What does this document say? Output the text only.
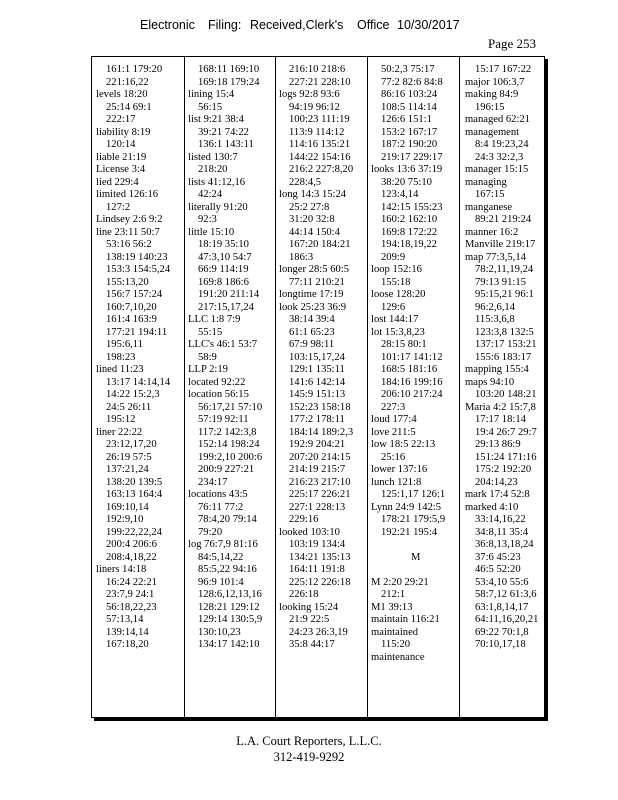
Electronic Filing: Received,Clerk's Office 10/30/2017
Page 253
161:1 179:20
221:16,22
levels 18:20
25:14 69:1
222:17
liability 8:19
120:14
liable 21:19
License 3:4
lied 229:4
limited 126:16
127:2
Lindsey 2:6 9:2
line 23:11 50:7
53:16 56:2
138:19 140:23
153:3 154:5,24
155:13,20
156:7 157:24
160:7,10,20
161:4 163:9
177:21 194:11
195:6,11
198:23
lined 11:23
13:17 14:14,14
14:22 15:2,3
24:5 26:11
195:12
liner 22:22
23:12,17,20
26:19 57:5
137:21,24
138:20 139:5
163:13 164:4
169:10,14
192:9,10
199:22,22,24
200:4 206:6
208:4,18,22
liners 14:18
16:24 22:21
23:7,9 24:1
56:18,22,23
57:13,14
139:14,14
167:18,20
168:11 169:10
169:18 179:24
lining 15:4
56:15
list 9:21 38:4
39:21 74:22
136:1 143:11
listed 130:7
218:20
lists 41:12,16
42:24
literally 91:20
92:3
little 15:10
18:19 35:10
47:3,10 54:7
66:9 114:19
169:8 186:6
191:20 211:14
217:15,17,24
LLC 1:8 7:9
55:15
LLC's 46:1 53:7
58:9
LLP 2:19
located 92:22
location 56:15
56:17,21 57:10
57:19 92:11
117:2 142:3,8
152:14 198:24
199:2,10 200:6
200:9 227:21
234:17
locations 43:5
76:11 77:2
78:4,20 79:14
79:20
log 76:7,9 81:16
84:5,14,22
85:5,22 94:16
96:9 101:4
128:6,12,13,16
128:21 129:12
129:14 130:5,9
130:10,23
134:17 142:10
216:10 218:6
227:21 228:10
logs 92:8 93:6
94:19 96:12
100:23 111:19
113:9 114:12
114:16 135:21
144:22 154:16
216:2 227:8,20
228:4,5
long 14:3 15:24
25:2 27:8
31:20 32:8
44:14 150:4
167:20 184:21
186:3
longer 28:5 60:5
77:11 210:21
longtime 17:19
look 25:23 36:9
38:14 39:4
61:1 65:23
67:9 98:11
103:15,17,24
129:1 135:11
141:6 142:14
145:9 151:13
152:23 158:18
177:2 178:11
184:14 189:2,3
192:9 204:21
207:20 214:15
214:19 215:7
216:23 217:10
225:17 226:21
227:1 228:13
229:16
looked 103:10
103:19 134:4
134:21 135:13
164:11 191:8
225:12 226:18
226:18
looking 15:24
21:9 22:5
24:23 26:3,19
35:8 44:17
50:2,3 75:17
77:2 82:6 84:8
86:16 103:24
108:5 114:14
126:6 151:1
153:2 167:17
187:2 190:20
219:17 229:17
looks 13:6 37:19
38:20 75:10
123:4,14
142:15 155:23
160:2 162:10
169:8 172:22
194:18,19,22
209:9
loop 152:16
155:18
loose 128:20
129:6
lost 144:17
lot 15:3,8,23
28:15 80:1
101:17 141:12
168:5 181:16
184:16 199:16
206:10 217:24
227:3
loud 177:4
love 211:5
low 18:5 22:13
25:16
lower 137:16
lunch 121:8
125:1,17 126:1
Lynn 24:9 142:5
178:21 179:5,9
192:21 195:4

M

M 2:20 29:21
212:1
M1 39:13
maintain 116:21
maintained
115:20
maintenance
15:17 167:22
major 106:3,7
making 84:9
196:15
managed 62:21
management
8:4 19:23,24
24:3 32:2,3
manager 15:15
managing
167:15
manganese
89:21 219:24
manner 16:2
Manville 219:17
map 77:3,5,14
78:2,11,19,24
79:13 91:15
95:15,21 96:1
96:2,6,14
115:3,6,8
123:3,8 132:5
137:17 153:21
155:6 183:17
mapping 155:4
maps 94:10
103:20 148:21
Maria 4:2 15:7,8
17:17 18:14
19:4 26:7 29:7
29:13 86:9
151:24 171:16
175:2 192:20
204:14,23
mark 17:4 52:8
marked 4:10
33:14,16,22
34:8,11 35:4
36:8,13,18,24
37:6 45:23
46:5 52:20
53:4,10 55:6
58:7,12 61:3,6
63:1,8,14,17
64:11,16,20,21
69:22 70:1,8
70:10,17,18
L.A. Court Reporters, L.L.C.
312-419-9292
